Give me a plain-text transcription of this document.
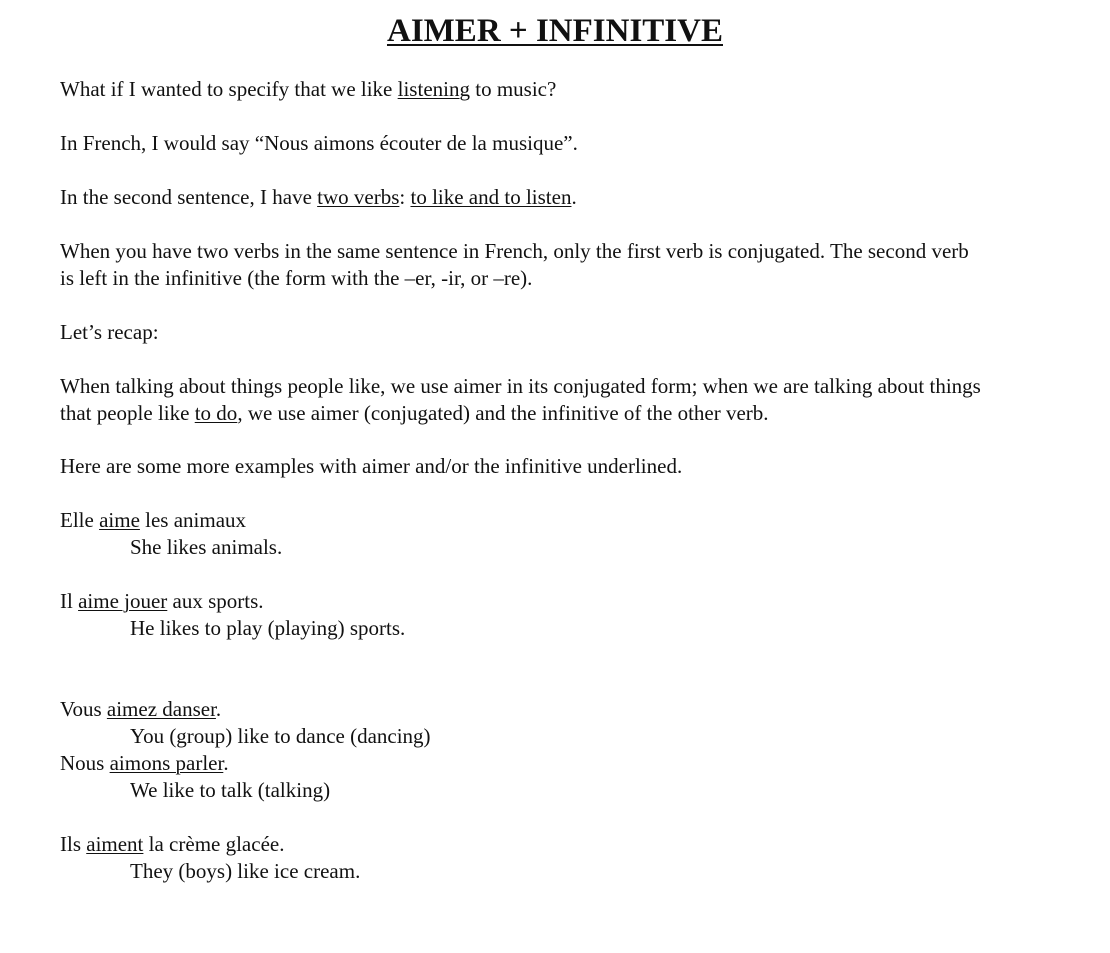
AIMER + INFINITIVE

What if I wanted to specify that we like listening to music?

In French, I would say “Nous aimons écouter de la musique”.

In the second sentence, I have two verbs: to like and to listen.

When you have two verbs in the same sentence in French, only the first verb is conjugated. The second verb
is left in the infinitive (the form with the –er, -ir, or –re).

Let’s recap:

When talking about things people like, we use aimer in its conjugated form; when we are talking about things
that people like to do, we use aimer (conjugated) and the infinitive of the other verb.

Here are some more examples with aimer and/or the infinitive underlined.

Elle aime les animaux
She likes animals.
Il aime jouer aux sports.
He likes to play (playing) sports.
Vous aimez danser.
You (group) like to dance (dancing)
Nous aimons parler.
We like to talk (talking)
Ils aiment la crème glacée.
They (boys) like ice cream.
